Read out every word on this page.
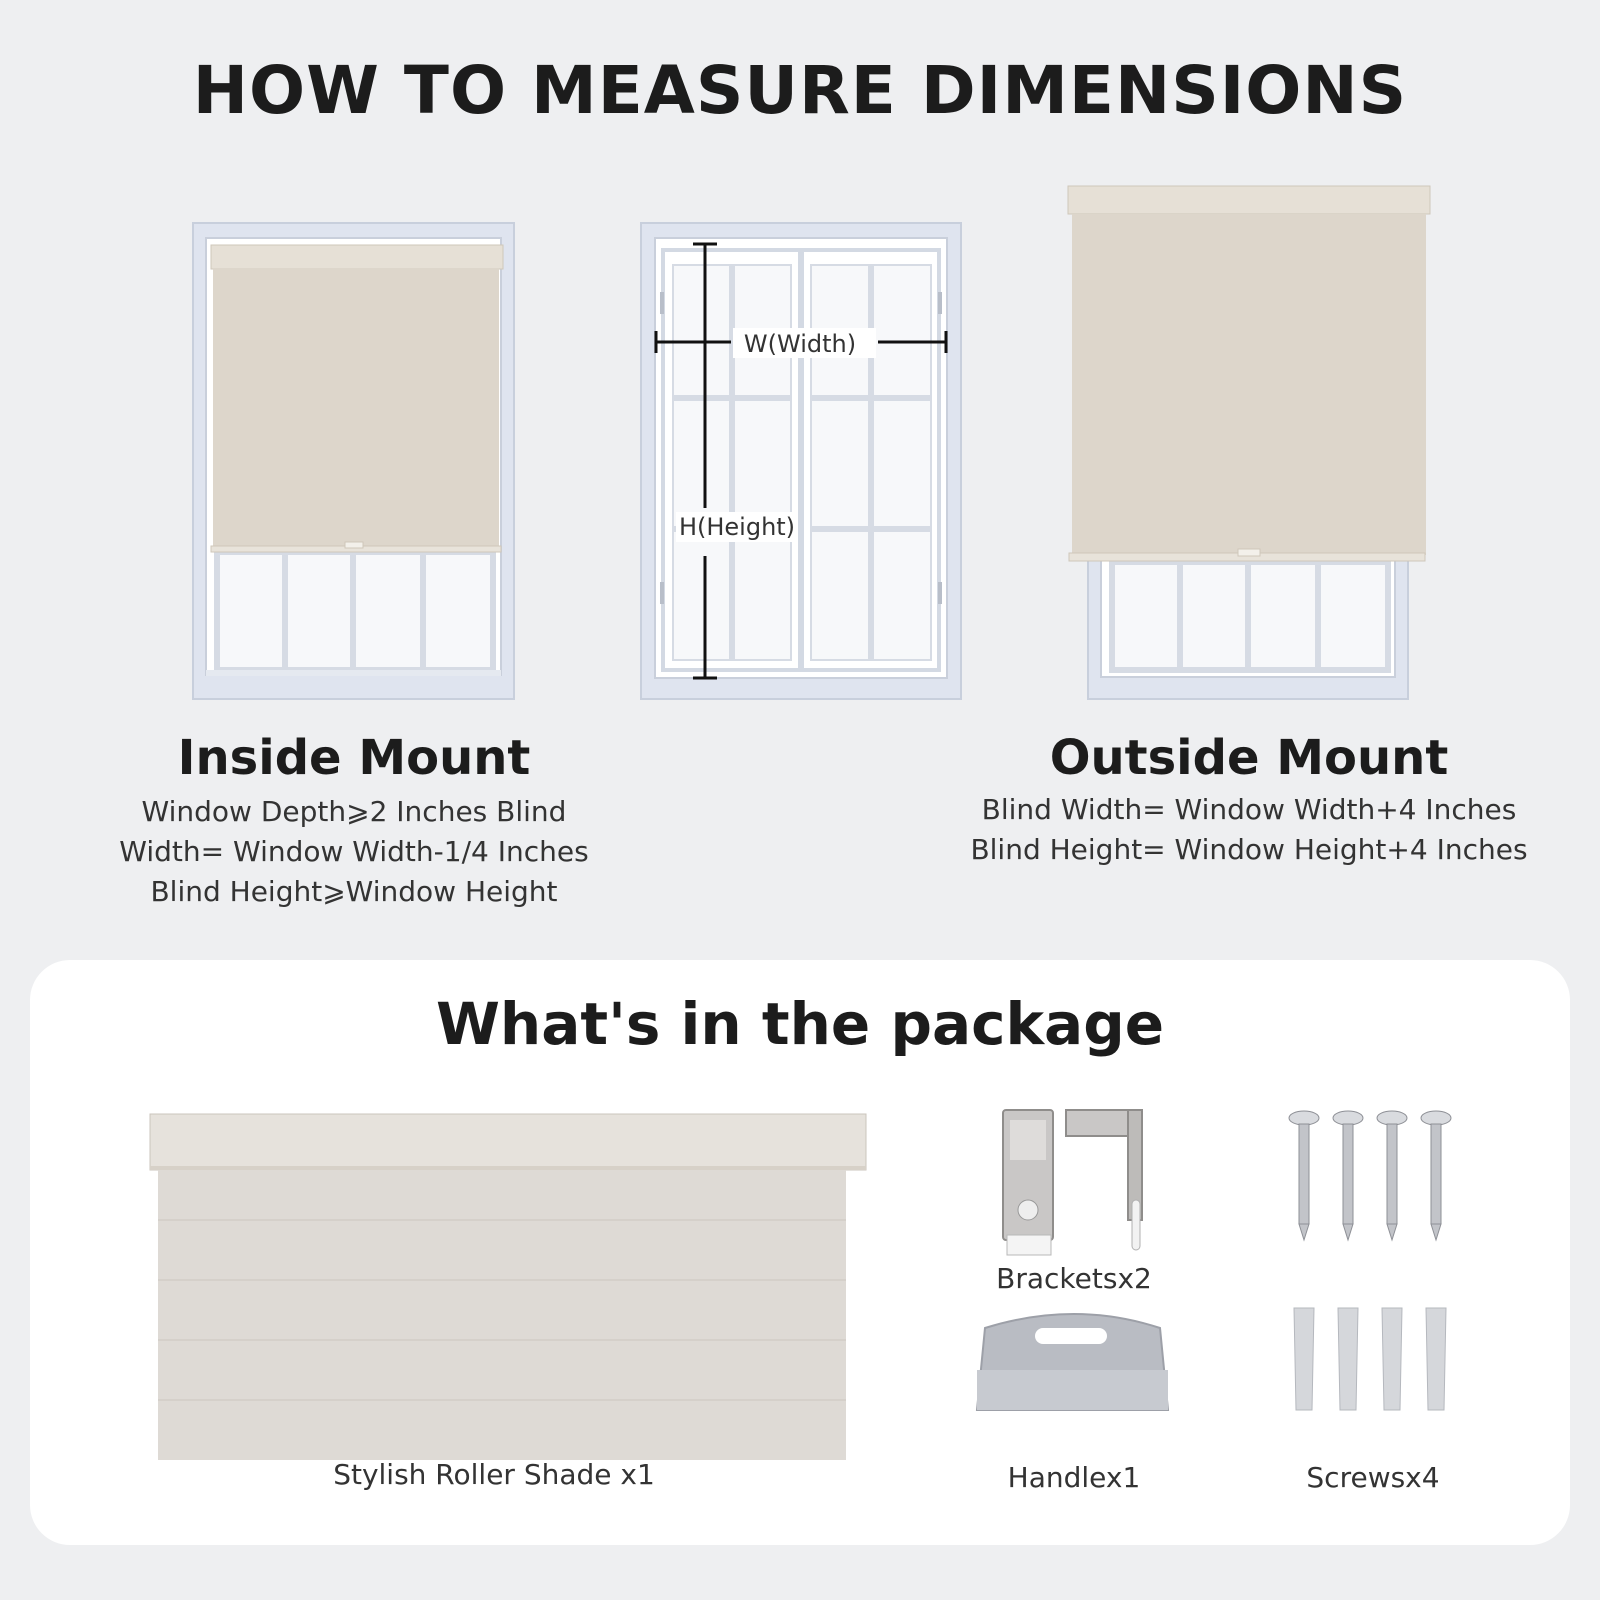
HOW TO MEASURE DIMENSIONS
W(Width)
H(Height)
Inside Mount
Window Depth⩾2 Inches Blind
Width= Window Width-1/4 Inches
Blind Height⩾Window Height
Outside Mount
Blind Width= Window Width+4 Inches
Blind Height= Window Height+4 Inches
What's in the package
Stylish Roller Shade x1
Bracketsx2
Handlex1	Screwsx4
